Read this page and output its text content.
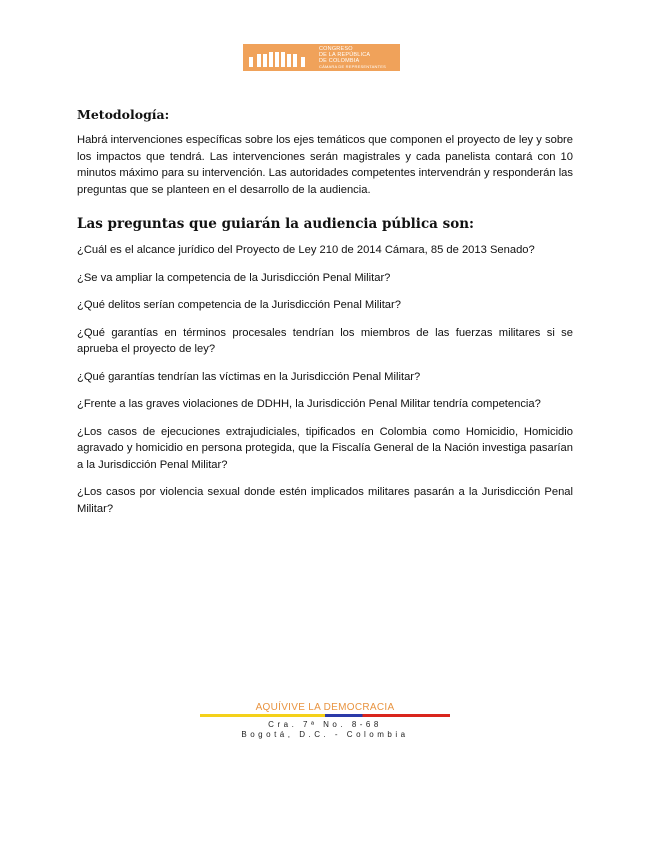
CONGRESO
DE LA REPÚBLICA
DE COLOMBIA
CÁMARA DE REPRESENTANTES
Metodología:

Habrá intervenciones específicas sobre los ejes temáticos que componen el proyecto de ley y sobre los impactos que tendrá. Las intervenciones serán magistrales y cada panelista contará con 10 minutos máximo para su intervención. Las autoridades competentes intervendrán y responderán las preguntas que se planteen en el desarrollo de la audiencia.

Las preguntas que guiarán la audiencia pública son:

¿Cuál es el alcance jurídico del Proyecto de Ley 210 de 2014 Cámara, 85 de 2013 Senado?

¿Se va ampliar la competencia de la Jurisdicción Penal Militar?

¿Qué delitos serían competencia de la Jurisdicción Penal Militar?

¿Qué garantías en términos procesales tendrían los miembros de las fuerzas militares si se aprueba el proyecto de ley?

¿Qué garantías tendrían las víctimas en la Jurisdicción Penal Militar?

¿Frente a las graves violaciones de DDHH, la Jurisdicción Penal Militar tendría competencia?

¿Los casos de ejecuciones extrajudiciales, tipificados en Colombia como Homicidio, Homicidio agravado y homicidio en persona protegida, que la Fiscalía General de la Nación investiga pasarían a la Jurisdicción Penal Militar?

¿Los casos por violencia sexual donde estén implicados militares pasarán a la Jurisdicción Penal Militar?

AQUÍVIVE LA DEMOCRACIA
Cra. 7ª No. 8-68
Bogotá, D.C. - Colombia
